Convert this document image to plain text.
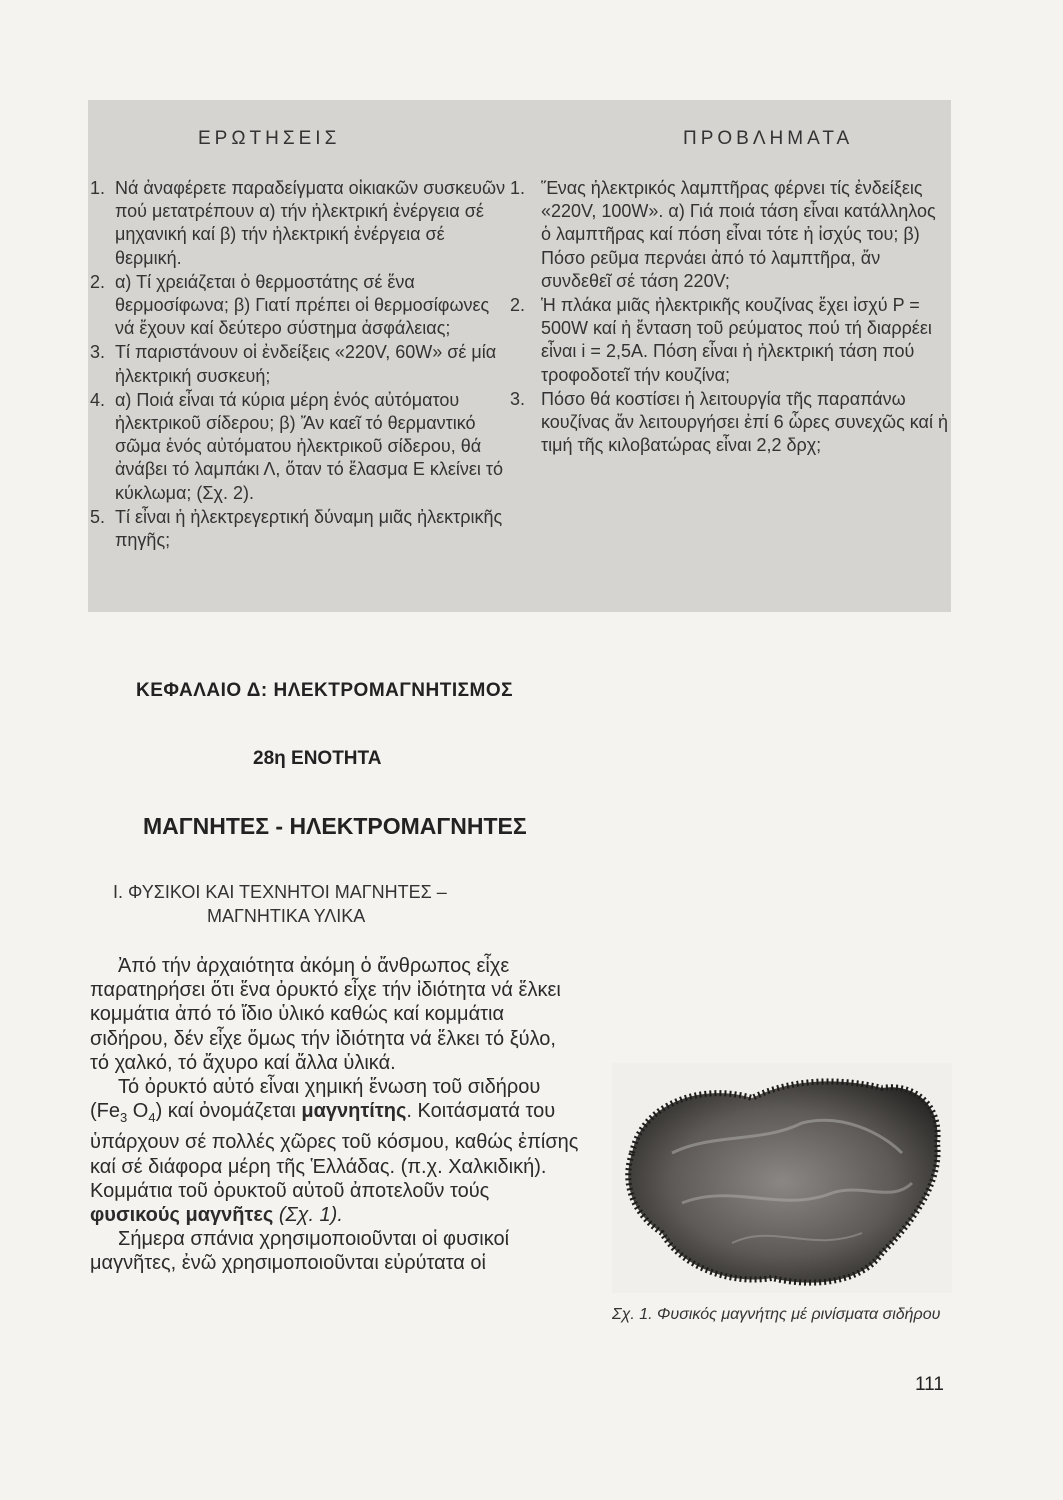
ΕΡΩΤΗΣΕΙΣ
1. Νά ἀναφέρετε παραδείγματα οἰκιακῶν συσκευῶν πού μετατρέπουν α) τήν ἠλεκτρική ἐνέργεια σέ μηχανική καί β) τήν ἠλεκτρική ἐνέργεια σέ θερμική.
2. α) Τί χρειάζεται ὁ θερμοστάτης σέ ἕνα θερμοσίφωνα; β) Γιατί πρέπει οἱ θερμοσίφωνες νά ἔχουν καί δεύτερο σύστημα ἀσφάλειας;
3. Τί παριστάνουν οἱ ἐνδείξεις «220V, 60W» σέ μία ἠλεκτρική συσκευή;
4. α) Ποιά εἶναι τά κύρια μέρη ἑνός αὐτόματου ἠλεκτρικοῦ σίδερου; β) Ἄν καεῖ τό θερμαντικό σῶμα ἑνός αὐτόματου ἠλεκτρικοῦ σίδερου, θά ἀνάβει τό λαμπάκι Λ, ὅταν τό ἔλασμα Ε κλείνει τό κύκλωμα; (Σχ. 2).
5. Τί εἶναι ἡ ἠλεκτρεγερτική δύναμη μιᾶς ἠλεκτρικῆς πηγῆς;
ΠΡΟΒΛΗΜΑΤΑ
1. Ἕνας ἠλεκτρικός λαμπτῆρας φέρνει τίς ἐνδείξεις «220V, 100W». α) Γιά ποιά τάση εἶναι κατάλληλος ὁ λαμπτῆρας καί πόση εἶναι τότε ἡ ἰσχύς του; β) Πόσο ρεῦμα περνάει ἀπό τό λαμπτῆρα, ἄν συνδεθεῖ σέ τάση 220V;
2. Ἡ πλάκα μιᾶς ἠλεκτρικῆς κουζίνας ἔχει ἰσχύ P = 500W καί ἡ ἔνταση τοῦ ρεύματος πού τή διαρρέει εἶναι i = 2,5A. Πόση εἶναι ἡ ἠλεκτρική τάση πού τροφοδοτεῖ τήν κουζίνα;
3. Πόσο θά κοστίσει ἡ λειτουργία τῆς παραπάνω κουζίνας ἄν λειτουργήσει ἐπί 6 ὧρες συνεχῶς καί ἡ τιμή τῆς κιλοβατώρας εἶναι 2,2 δρχ;
ΚΕΦΑΛΑΙΟ Δ: ΗΛΕΚΤΡΟΜΑΓΝΗΤΙΣΜΟΣ
28η ΕΝΟΤΗΤΑ
ΜΑΓΝΗΤΕΣ - ΗΛΕΚΤΡΟΜΑΓΝΗΤΕΣ
Ι. ΦΥΣΙΚΟΙ ΚΑΙ ΤΕΧΝΗΤΟΙ ΜΑΓΝΗΤΕΣ –
ΜΑΓΝΗΤΙΚΑ ΥΛΙΚΑ

Ἀπό τήν ἀρχαιότητα ἀκόμη ὁ ἄνθρωπος εἶχε παρατηρήσει ὅτι ἕνα ὀρυκτό εἶχε τήν ἰδιότητα νά ἕλκει κομμάτια ἀπό τό ἴδιο ὑλικό καθώς καί κομμάτια σιδήρου, δέν εἶχε ὅμως τήν ἰδιότητα νά ἕλκει τό ξύλο, τό χαλκό, τό ἄχυρο καί ἄλλα ὑλικά.

Τό ὀρυκτό αὐτό εἶναι χημική ἕνωση τοῦ σιδήρου ($Fe_3$ $O_4$) καί ὀνομάζεται μαγνητίτης. Κοιτάσματά του ὑπάρχουν σέ πολλές χῶρες τοῦ κόσμου, καθώς ἐπίσης καί σέ διάφορα μέρη τῆς Ἑλλάδας. (π.χ. Χαλκιδική). Κομμάτια τοῦ ὀρυκτοῦ αὐτοῦ ἀποτελοῦν τούς φυσικούς μαγνῆτες (Σχ. 1).

Σήμερα σπάνια χρησιμοποιοῦνται οἱ φυσικοί μαγνῆτες, ἐνῶ χρησιμοποιοῦνται εὐρύτατα οἱ

Σχ. 1. Φυσικός μαγνήτης μέ ρινίσματα σιδήρου
111
